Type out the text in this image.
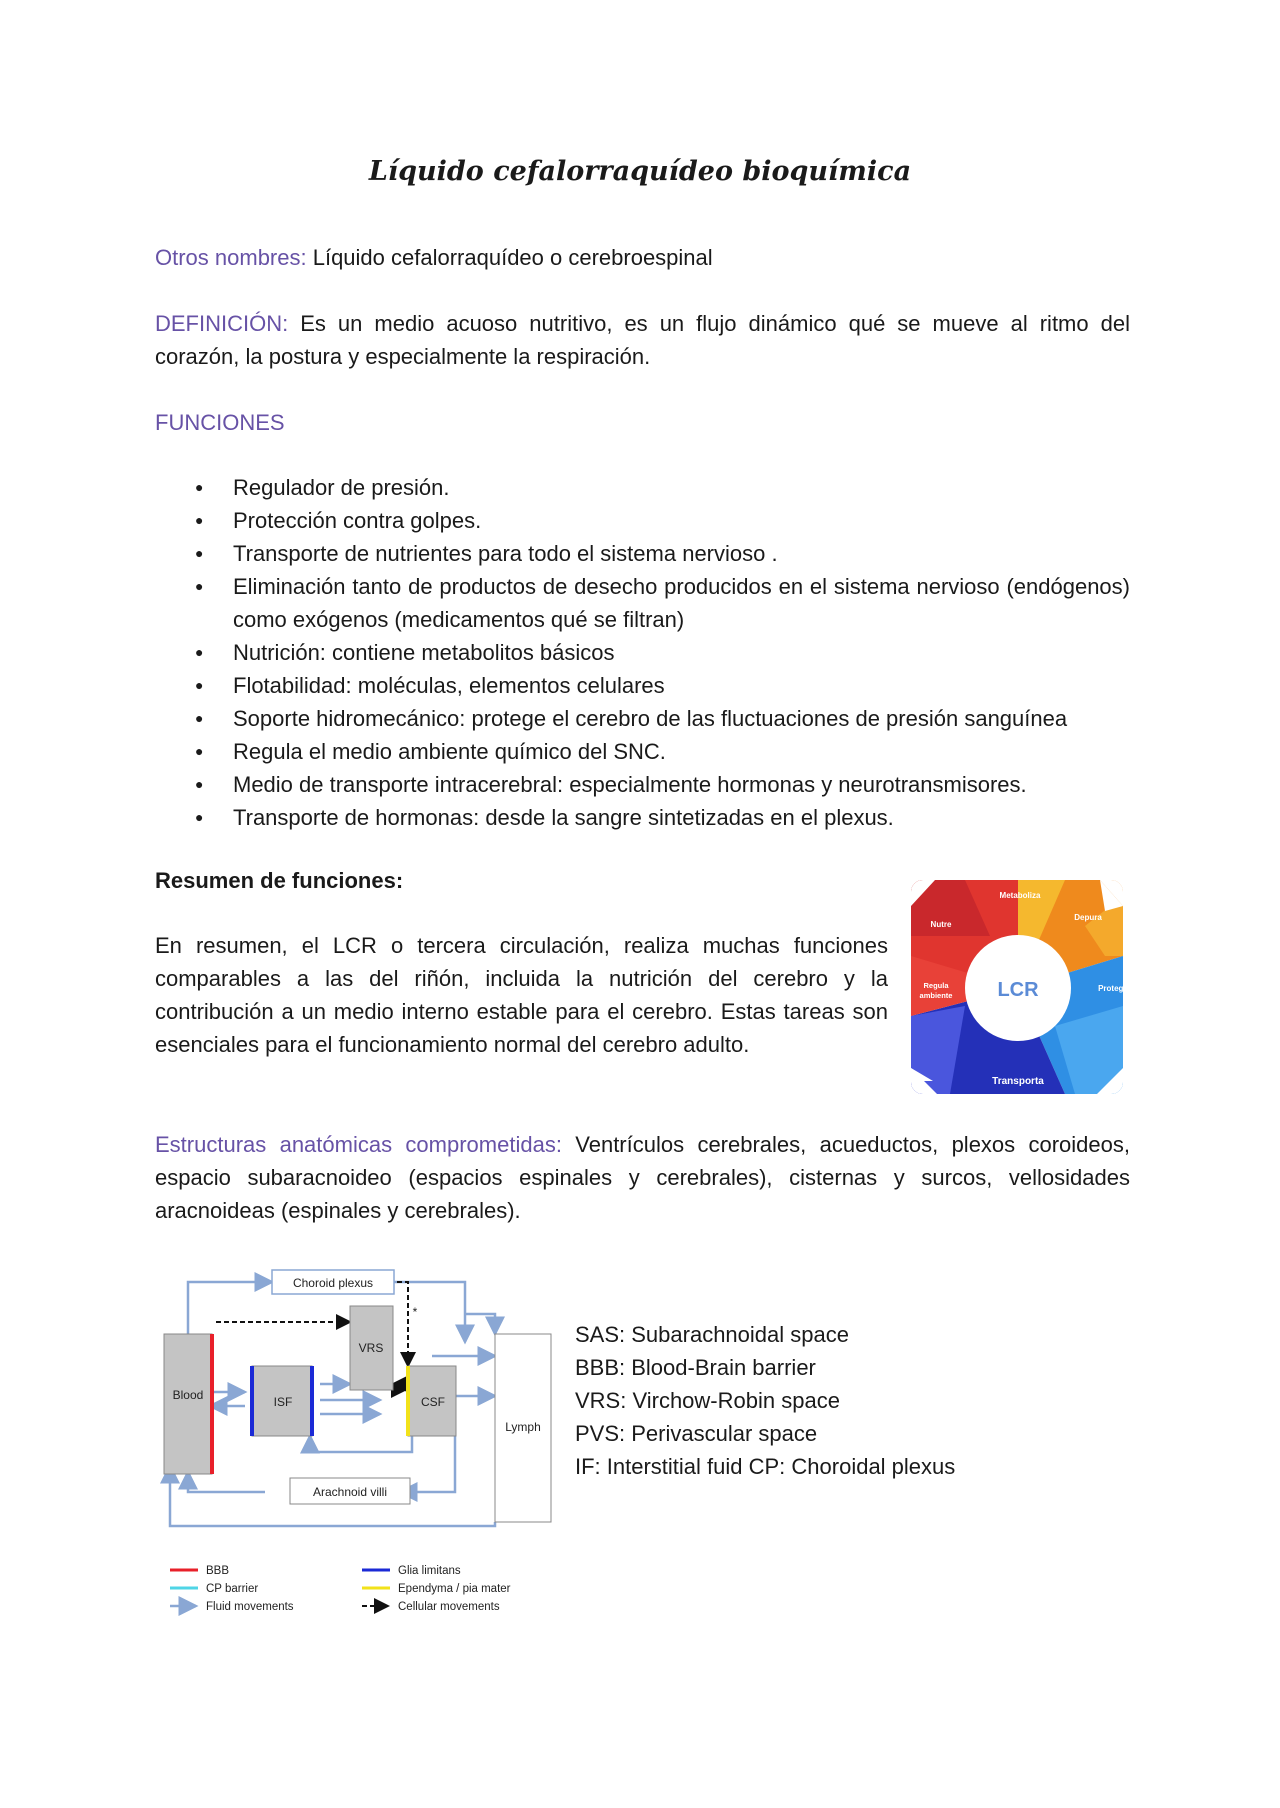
Líquido cefalorraquídeo bioquímica
Otros nombres: Líquido cefalorraquídeo o cerebroespinal
DEFINICIÓN: Es un medio acuoso nutritivo, es un flujo dinámico qué se mueve al ritmo del corazón, la postura y especialmente la respiración.
FUNCIONES
● Regulador de presión.
● Protección contra golpes.
● Transporte de nutrientes para todo el sistema nervioso .
● Eliminación tanto de productos de desecho producidos en el sistema nervioso (endógenos) como exógenos (medicamentos qué se filtran)
● Nutrición: contiene metabolitos básicos
● Flotabilidad: moléculas, elementos celulares
● Soporte hidromecánico: protege el cerebro de las fluctuaciones de presión sanguínea
● Regula el medio ambiente químico del SNC.
● Medio de transporte intracerebral: especialmente hormonas y neurotransmisores.
● Transporte de hormonas: desde la sangre sintetizadas en el plexus.
Resumen de funciones:
En resumen, el LCR o tercera circulación, realiza muchas funciones comparables a las del riñón, incluida la nutrición del cerebro y la contribución a un medio interno estable para el cerebro. Estas tareas son esenciales para el funcionamiento normal del cerebro adulto.
LCR
Nutre
Metaboliza
Depura
Protege
Transporta
Regula
ambiente
Estructuras anatómicas comprometidas: Ventrículos cerebrales, acueductos, plexos coroideos, espacio subaracnoideo (espacios espinales y cerebrales), cisternas y surcos, vellosidades aracnoideas (espinales y cerebrales).
Choroid plexus
Blood	ISF
VRS
*
CSF
Lymph
Arachnoid villi
BBB
CP barrier
Fluid movements
Glia limitans
Ependyma / pia mater
Cellular movements
SAS: Subarachnoidal space
BBB: Blood-Brain barrier
VRS: Virchow-Robin space
PVS: Perivascular space
IF: Interstitial fuid CP: Choroidal plexus
